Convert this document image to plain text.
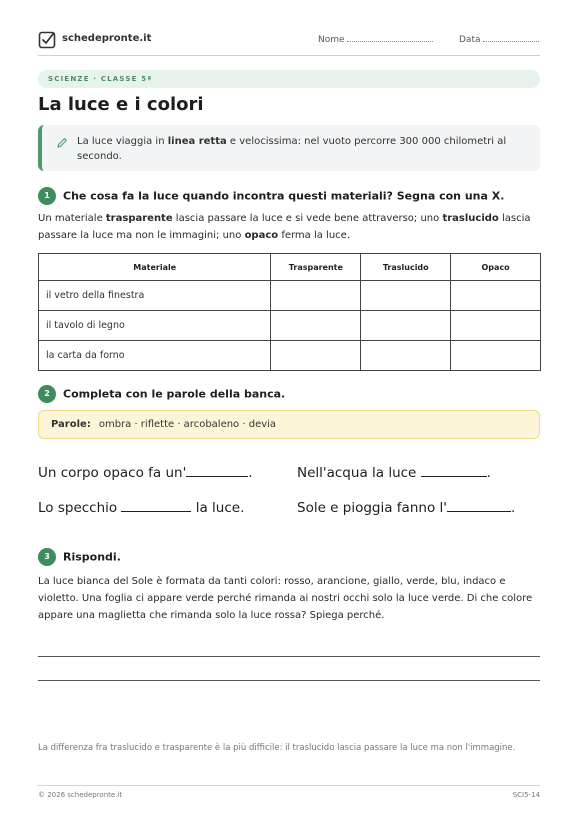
schedepronte.it	Nome	Data
SCIENZE · CLASSE 5ª
La luce e i colori
La luce viaggia in linea retta e velocissima: nel vuoto percorre 300 000 chilometri al secondo.
1 Che cosa fa la luce quando incontra questi materiali? Segna con una X.
Un materiale trasparente lascia passare la luce e si vede bene attraverso; uno traslucido lascia passare la luce ma non le immagini; uno opaco ferma la luce.
Materiale	Trasparente	Traslucido	Opaco
il vetro della finestra			
il tavolo di legno			
la carta da forno			
2 Completa con le parole della banca.
Parole: ombra · riflette · arcobaleno · devia
Un corpo opaco fa un'	.	Nell'acqua la luce	.
Lo specchio	la luce.	Sole e pioggia fanno l'	.
3 Rispondi.
La luce bianca del Sole è formata da tanti colori: rosso, arancione, giallo, verde, blu, indaco e violetto. Una foglia ci appare verde perché rimanda ai nostri occhi solo la luce verde. Di che colore appare una maglietta che rimanda solo la luce rossa? Spiega perché.
La differenza fra traslucido e trasparente è la più difficile: il traslucido lascia passare la luce ma non l'immagine.
© 2026 schedepronte.it	SCI5-14
